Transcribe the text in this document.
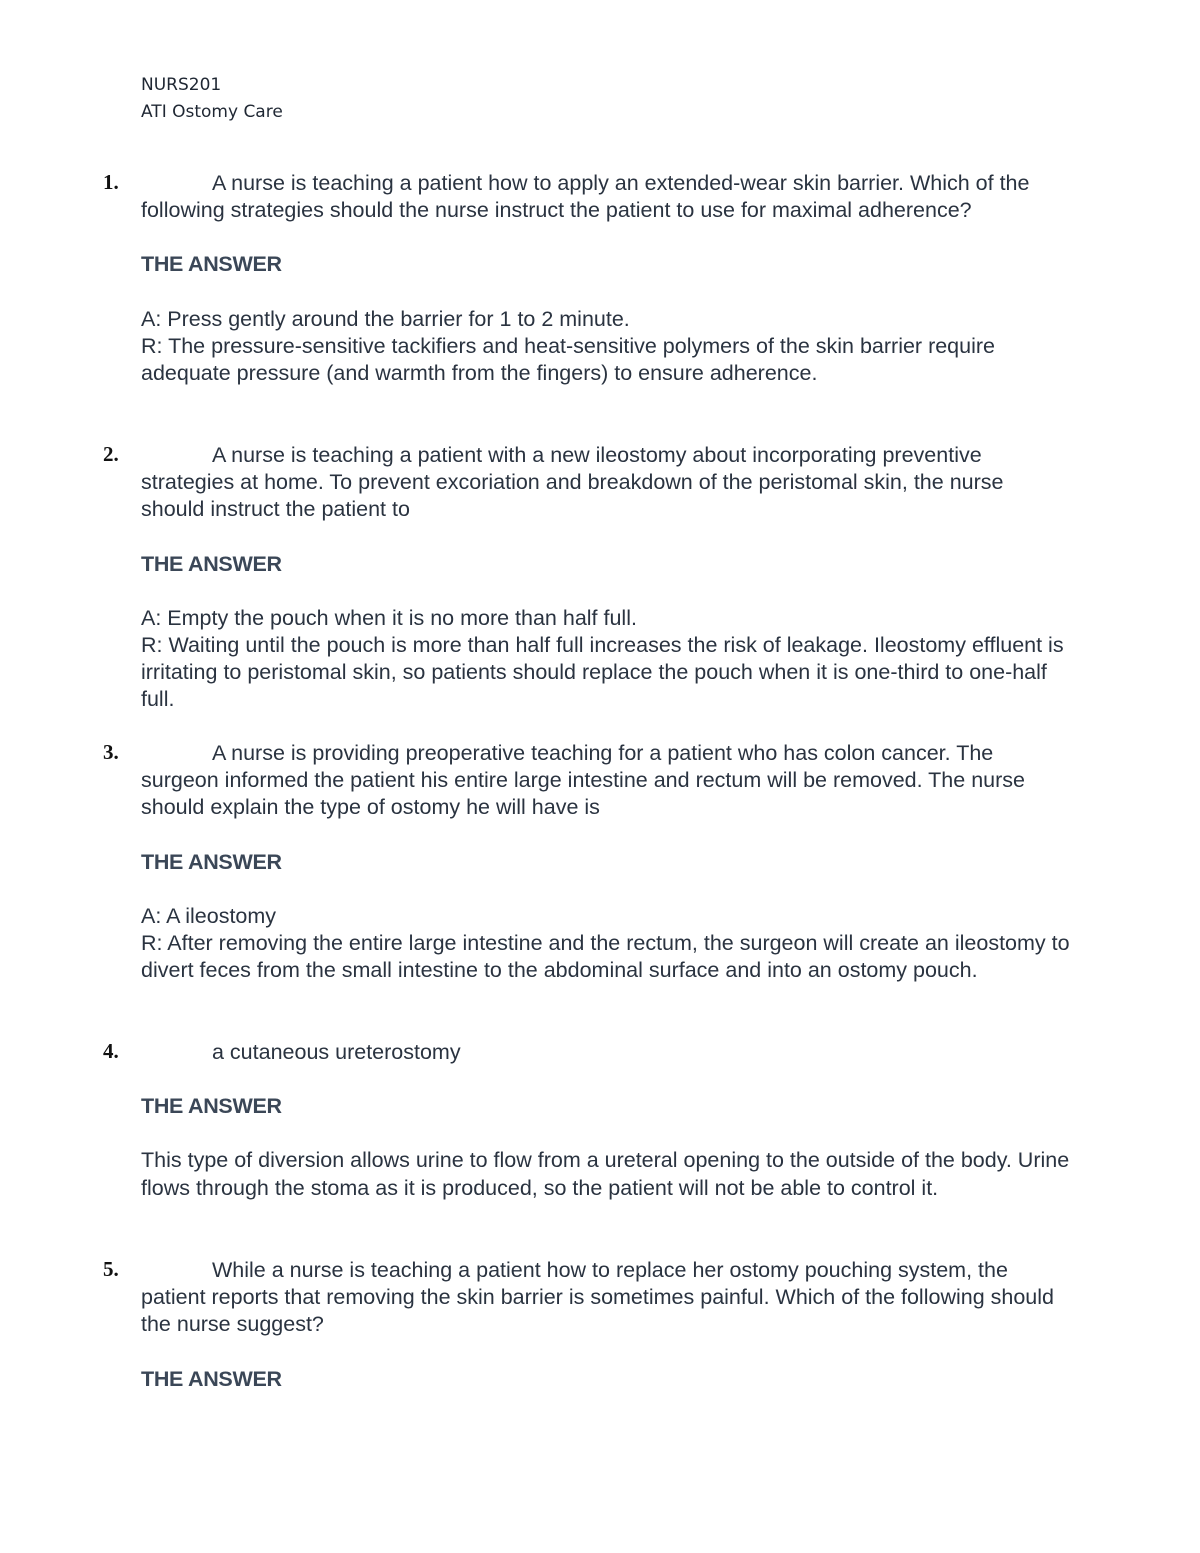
NURS201
ATI Ostomy Care
1.	A nurse is teaching a patient how to apply an extended-wear skin barrier. Which of the following strategies should the nurse instruct the patient to use for maximal adherence?

THE ANSWER

A: Press gently around the barrier for 1 to 2 minute.

R: The pressure-sensitive tackifiers and heat-sensitive polymers of the skin barrier require adequate pressure (and warmth from the fingers) to ensure adherence.

2.	A nurse is teaching a patient with a new ileostomy about incorporating preventive strategies at home. To prevent excoriation and breakdown of the peristomal skin, the nurse should instruct the patient to

THE ANSWER

A: Empty the pouch when it is no more than half full.

R: Waiting until the pouch is more than half full increases the risk of leakage. Ileostomy effluent is irritating to peristomal skin, so patients should replace the pouch when it is one-third to one-half full.

3.	A nurse is providing preoperative teaching for a patient who has colon cancer. The surgeon informed the patient his entire large intestine and rectum will be removed. The nurse should explain the type of ostomy he will have is

THE ANSWER

A: A ileostomy

R: After removing the entire large intestine and the rectum, the surgeon will create an ileostomy to divert feces from the small intestine to the abdominal surface and into an ostomy pouch.

4.	a cutaneous ureterostomy

THE ANSWER

This type of diversion allows urine to flow from a ureteral opening to the outside of the body. Urine flows through the stoma as it is produced, so the patient will not be able to control it.

5.	While a nurse is teaching a patient how to replace her ostomy pouching system, the patient reports that removing the skin barrier is sometimes painful. Which of the following should the nurse suggest?

THE ANSWER
